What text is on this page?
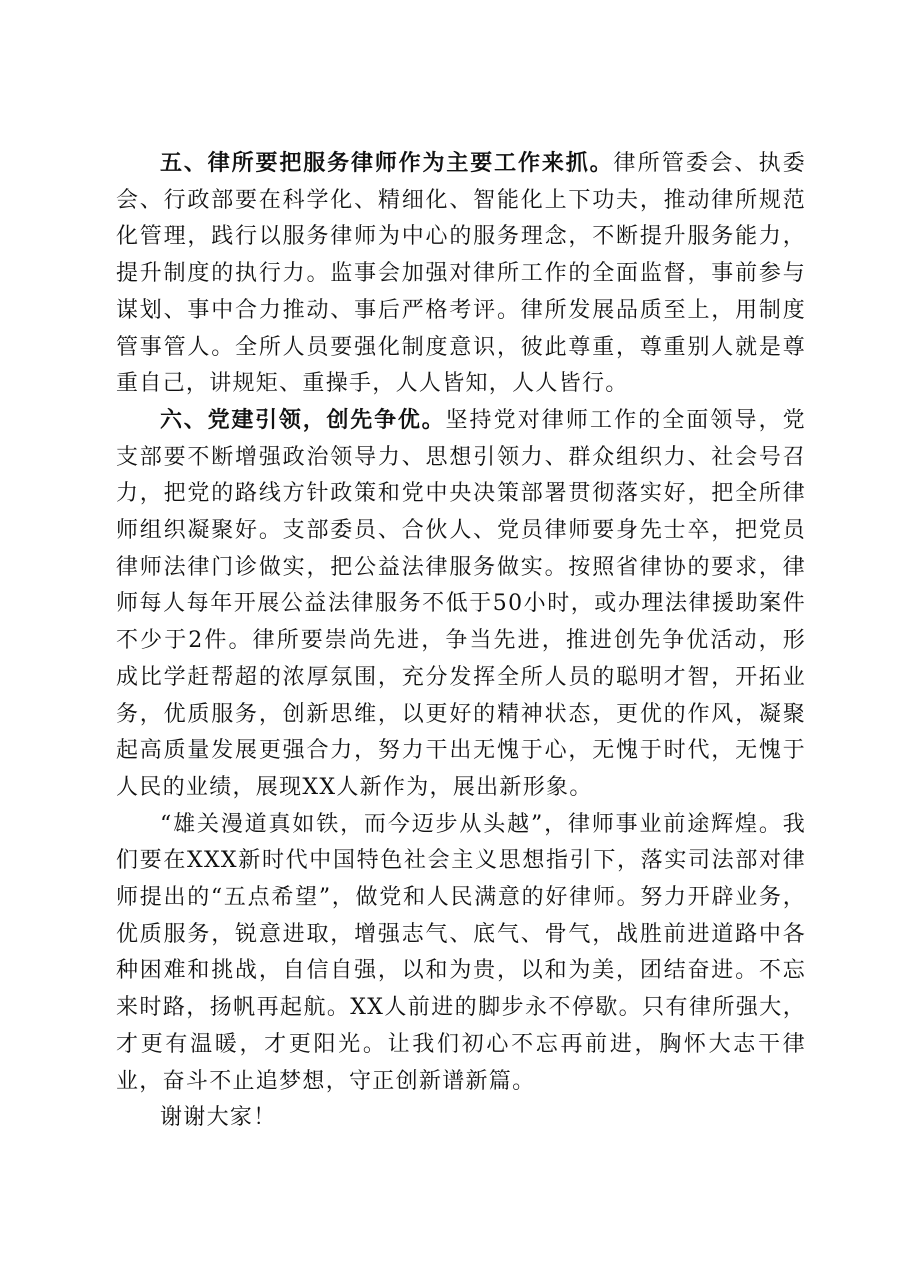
五、律所要把服务律师作为主要工作来抓。律所管委会、执委会、行政部要在科学化、精细化、智能化上下功夫，推动律所规范化管理，践行以服务律师为中心的服务理念，不断提升服务能力，提升制度的执行力。监事会加强对律所工作的全面监督，事前参与谋划、事中合力推动、事后严格考评。律所发展品质至上，用制度管事管人。全所人员要强化制度意识，彼此尊重，尊重别人就是尊重自己，讲规矩、重操手，人人皆知，人人皆行。

六、党建引领，创先争优。坚持党对律师工作的全面领导，党支部要不断增强政治领导力、思想引领力、群众组织力、社会号召力，把党的路线方针政策和党中央决策部署贯彻落实好，把全所律师组织凝聚好。支部委员、合伙人、党员律师要身先士卒，把党员律师法律门诊做实，把公益法律服务做实。按照省律协的要求，律师每人每年开展公益法律服务不低于50小时，或办理法律援助案件不少于2件。律所要崇尚先进，争当先进，推进创先争优活动，形成比学赶帮超的浓厚氛围，充分发挥全所人员的聪明才智，开拓业务，优质服务，创新思维，以更好的精神状态，更优的作风，凝聚起高质量发展更强合力，努力干出无愧于心，无愧于时代，无愧于人民的业绩，展现XX人新作为，展出新形象。

“雄关漫道真如铁，而今迈步从头越”，律师事业前途辉煌。我们要在XXX新时代中国特色社会主义思想指引下，落实司法部对律师提出的“五点希望”，做党和人民满意的好律师。努力开辟业务，优质服务，锐意进取，增强志气、底气、骨气，战胜前进道路中各种困难和挑战，自信自强，以和为贵，以和为美，团结奋进。不忘来时路，扬帆再起航。XX人前进的脚步永不停歇。只有律所强大，才更有温暖，才更阳光。让我们初心不忘再前进，胸怀大志干律业，奋斗不止追梦想，守正创新谱新篇。

谢谢大家！
